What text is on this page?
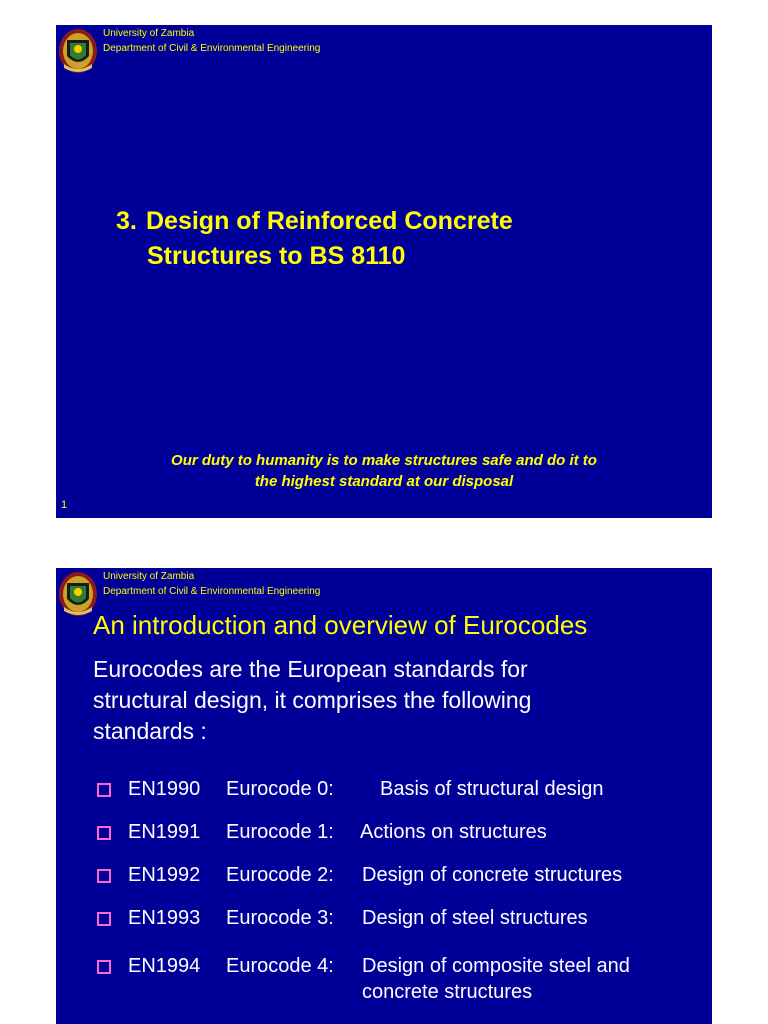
University of Zambia
Department of Civil & Environmental Engineering
3. Design of Reinforced Concrete
Structures to BS 8110
Our duty to humanity is to make structures safe and do it to
the highest standard at our disposal
1
University of Zambia
Department of Civil & Environmental Engineering
An introduction and overview of Eurocodes
Eurocodes are the European standards for
structural design, it comprises the following
standards :
EN1990 Eurocode 0: Basis of structural design
EN1991 Eurocode 1: Actions on structures
EN1992 Eurocode 2: Design of concrete structures
EN1993 Eurocode 3: Design of steel structures
EN1994 Eurocode 4: Design of composite steel and concrete structures
